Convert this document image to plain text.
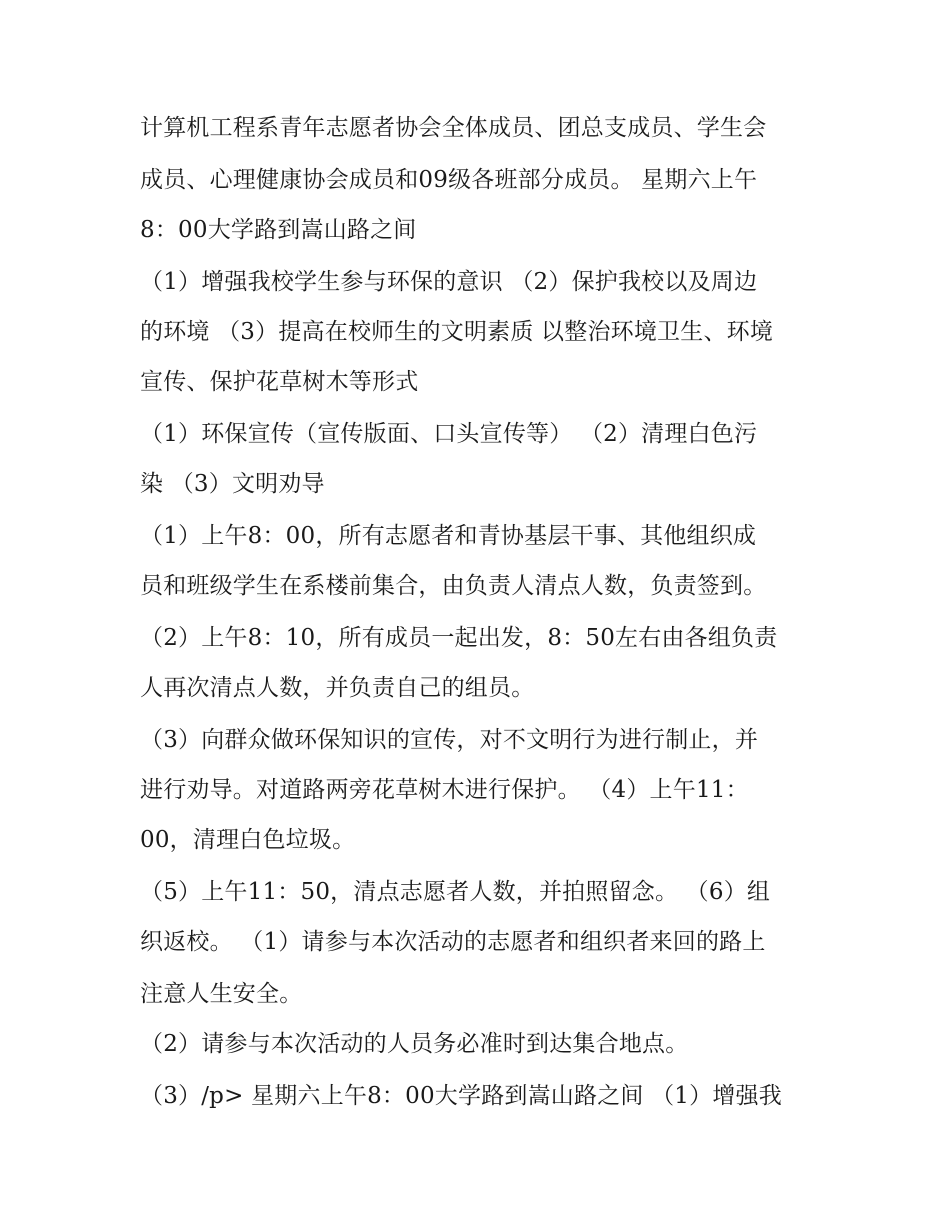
计算机工程系青年志愿者协会全体成员、团总支成员、学生会
成员、心理健康协会成员和09级各班部分成员。 星期六上午
8：00大学路到嵩山路之间
（1）增强我校学生参与环保的意识 （2）保护我校以及周边
的环境 （3）提高在校师生的文明素质 以整治环境卫生、环境
宣传、保护花草树木等形式
（1）环保宣传（宣传版面、口头宣传等） （2）清理白色污
染 （3）文明劝导
（1）上午8：00，所有志愿者和青协基层干事、其他组织成
员和班级学生在系楼前集合，由负责人清点人数，负责签到。
（2）上午8：10，所有成员一起出发，8：50左右由各组负责
人再次清点人数，并负责自己的组员。
（3）向群众做环保知识的宣传，对不文明行为进行制止，并
进行劝导。对道路两旁花草树木进行保护。 （4）上午11：
00，清理白色垃圾。
（5）上午11：50，清点志愿者人数，并拍照留念。 （6）组
织返校。 （1）请参与本次活动的志愿者和组织者来回的路上
注意人生安全。
（2）请参与本次活动的人员务必准时到达集合地点。
（3）/p> 星期六上午8：00大学路到嵩山路之间 （1）增强我
